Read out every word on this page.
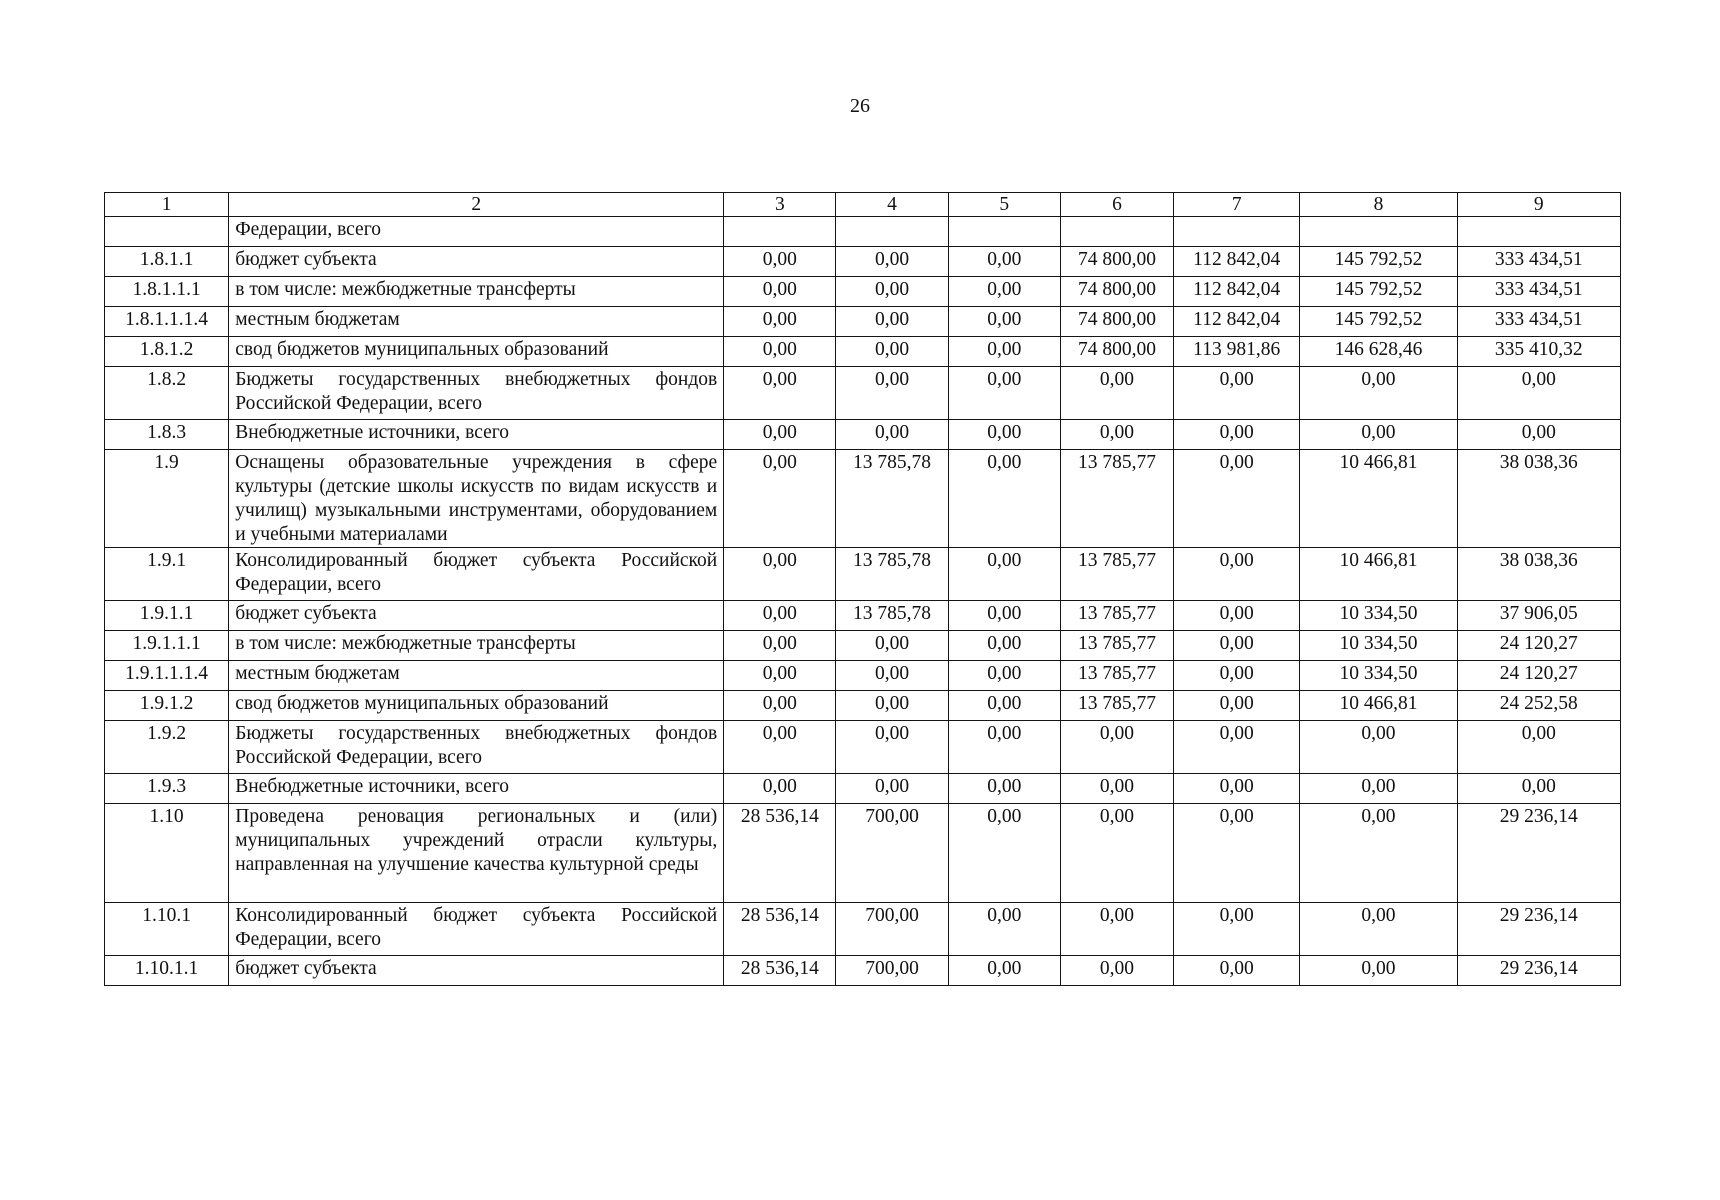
26
1	2	3	4	5	6	7	8	9
	Федерации, всего							
1.8.1.1	бюджет субъекта	0,00	0,00	0,00	74 800,00	112 842,04	145 792,52	333 434,51
1.8.1.1.1	в том числе: межбюджетные трансферты	0,00	0,00	0,00	74 800,00	112 842,04	145 792,52	333 434,51
1.8.1.1.1.4	местным бюджетам	0,00	0,00	0,00	74 800,00	112 842,04	145 792,52	333 434,51
1.8.1.2	свод бюджетов муниципальных образований	0,00	0,00	0,00	74 800,00	113 981,86	146 628,46	335 410,32
1.8.2	Бюджеты государственных внебюджетных фондов Российской Федерации, всего	0,00	0,00	0,00	0,00	0,00	0,00	0,00
1.8.3	Внебюджетные источники, всего	0,00	0,00	0,00	0,00	0,00	0,00	0,00
1.9	Оснащены образовательные учреждения в сфере культуры (детские школы искусств по видам искусств и училищ) музыкальными инструментами, оборудованием и учебными материалами	0,00	13 785,78	0,00	13 785,77	0,00	10 466,81	38 038,36
1.9.1	Консолидированный бюджет субъекта Российской Федерации, всего	0,00	13 785,78	0,00	13 785,77	0,00	10 466,81	38 038,36
1.9.1.1	бюджет субъекта	0,00	13 785,78	0,00	13 785,77	0,00	10 334,50	37 906,05
1.9.1.1.1	в том числе: межбюджетные трансферты	0,00	0,00	0,00	13 785,77	0,00	10 334,50	24 120,27
1.9.1.1.1.4	местным бюджетам	0,00	0,00	0,00	13 785,77	0,00	10 334,50	24 120,27
1.9.1.2	свод бюджетов муниципальных образований	0,00	0,00	0,00	13 785,77	0,00	10 466,81	24 252,58
1.9.2	Бюджеты государственных внебюджетных фондов Российской Федерации, всего	0,00	0,00	0,00	0,00	0,00	0,00	0,00
1.9.3	Внебюджетные источники, всего	0,00	0,00	0,00	0,00	0,00	0,00	0,00
1.10	Проведена реновация региональных и (или) муниципальных учреждений отрасли культуры, направленная на улучшение качества культурной среды	28 536,14	700,00	0,00	0,00	0,00	0,00	29 236,14
1.10.1	Консолидированный бюджет субъекта Российской Федерации, всего	28 536,14	700,00	0,00	0,00	0,00	0,00	29 236,14
1.10.1.1	бюджет субъекта	28 536,14	700,00	0,00	0,00	0,00	0,00	29 236,14
